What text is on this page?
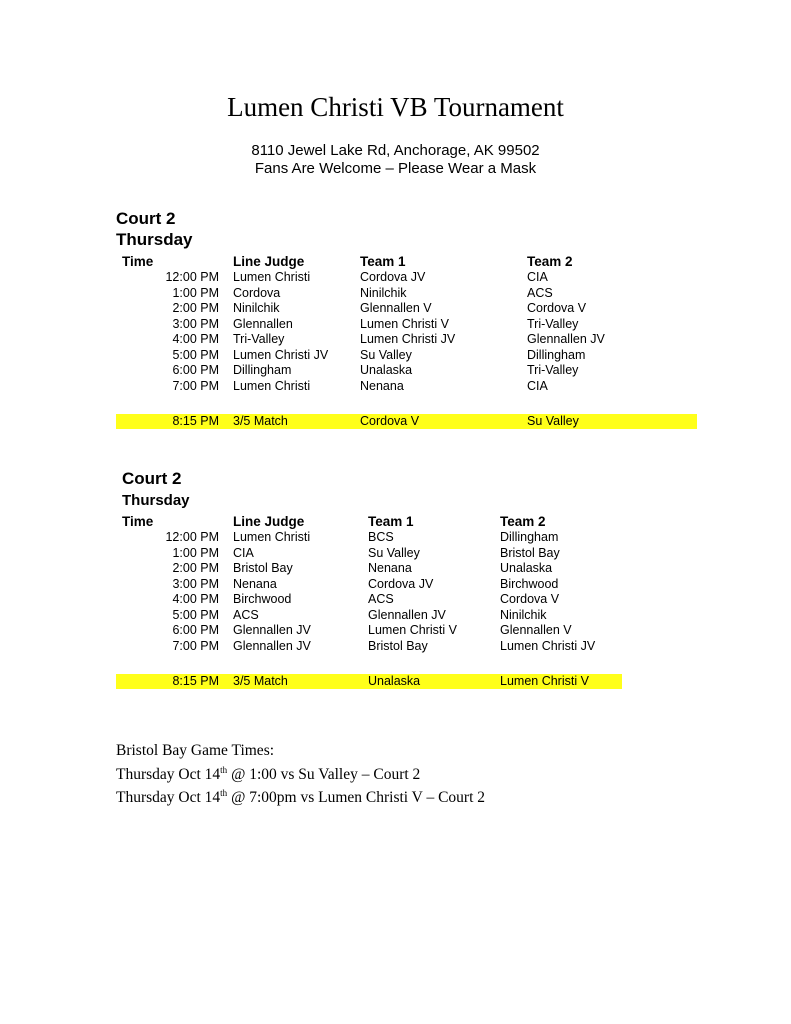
Lumen Christi VB Tournament
8110 Jewel Lake Rd, Anchorage, AK 99502
Fans Are Welcome – Please Wear a Mask
Court 2
Thursday
Time	Line Judge	Team 1	Team 2
12:00 PM Lumen Christi	Cordova JV	CIA
1:00 PM Cordova	Ninilchik	ACS
2:00 PM Ninilchik	Glennallen V	Cordova V
3:00 PM Glennallen	Lumen Christi V	Tri-Valley
4:00 PM Tri-Valley	Lumen Christi JV	Glennallen JV
5:00 PM Lumen Christi JV	Su Valley	Dillingham
6:00 PM Dillingham	Unalaska	Tri-Valley
7:00 PM Lumen Christi	Nenana	CIA
8:15 PM 3/5 Match	Cordova V	Su Valley
Court 2
Thursday
Time	Line Judge	Team 1	Team 2
12:00 PM Lumen Christi	BCS	Dillingham
1:00 PM CIA	Su Valley	Bristol Bay
2:00 PM Bristol Bay	Nenana	Unalaska
3:00 PM Nenana	Cordova JV	Birchwood
4:00 PM Birchwood	ACS	Cordova V
5:00 PM ACS	Glennallen JV	Ninilchik
6:00 PM Glennallen JV	Lumen Christi V	Glennallen V
7:00 PM Glennallen JV	Bristol Bay	Lumen Christi JV
8:15 PM 3/5 Match	Unalaska	Lumen Christi V
Bristol Bay Game Times:
Thursday Oct 14th @ 1:00 vs Su Valley – Court 2
Thursday Oct 14th @ 7:00pm vs Lumen Christi V – Court 2
